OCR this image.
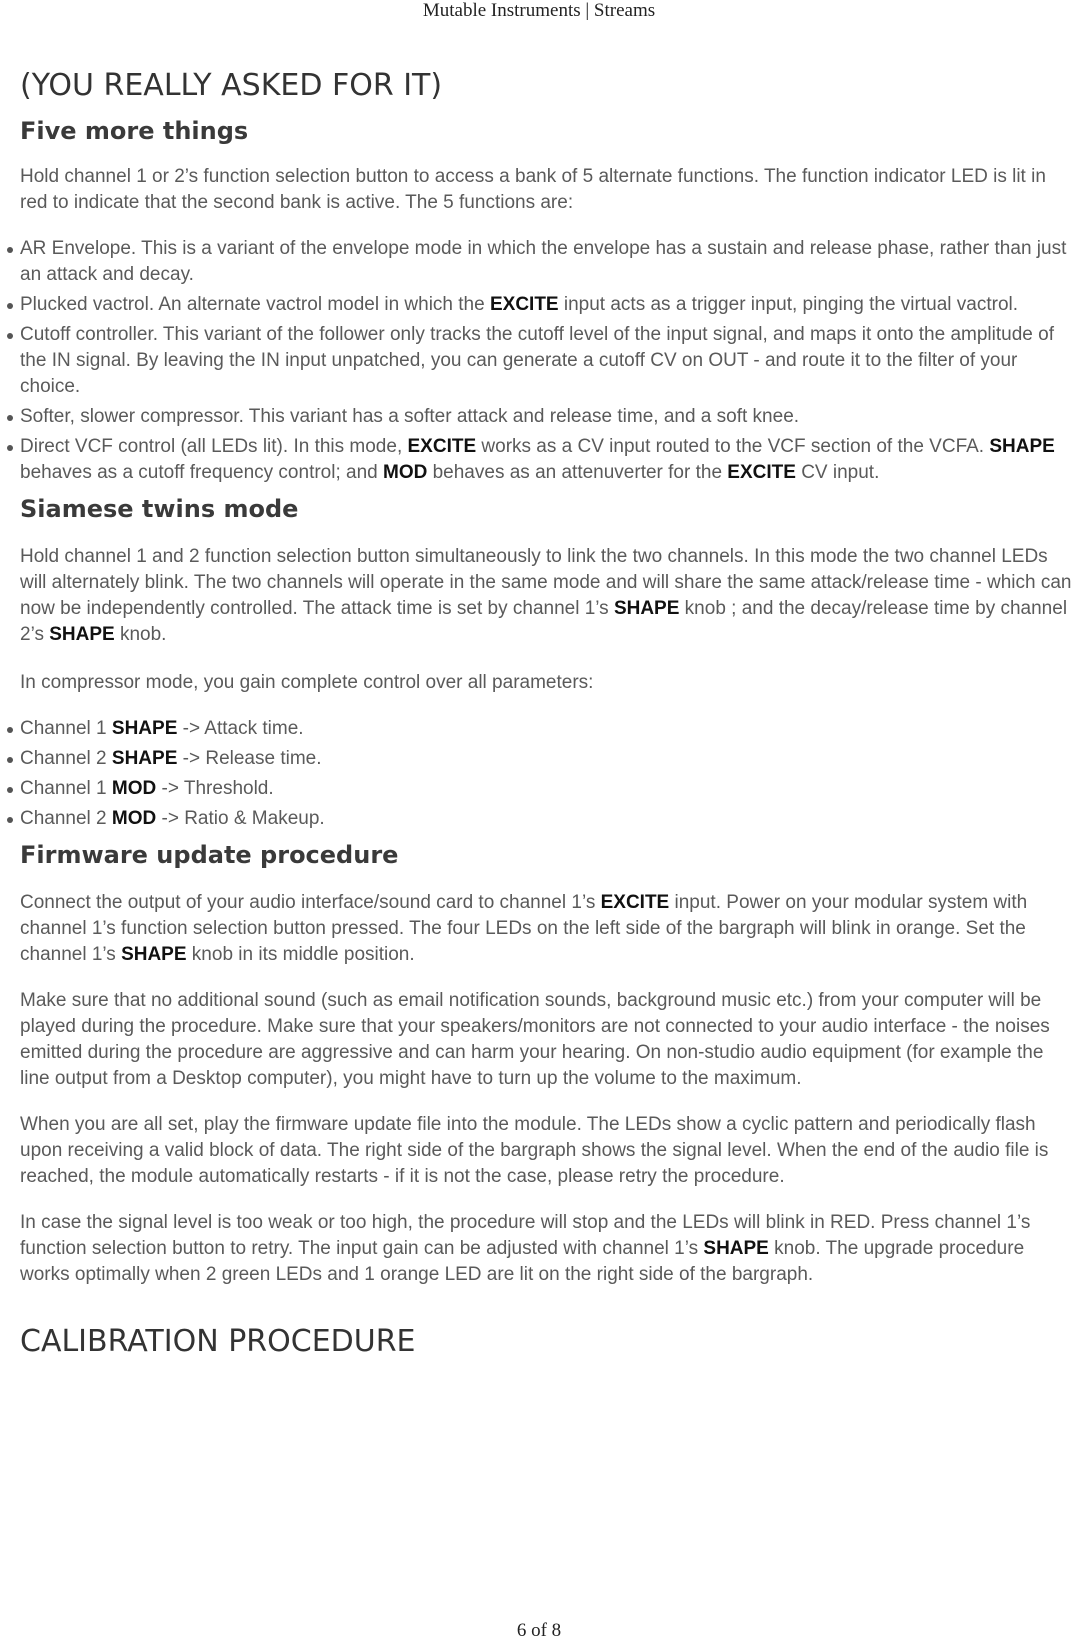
Mutable Instruments | Streams
(YOU REALLY ASKED FOR IT)
Five more things

Hold channel 1 or 2’s function selection button to access a bank of 5 alternate functions. The function indicator LED is lit in red to indicate that the second bank is active. The 5 functions are:

AR Envelope. This is a variant of the envelope mode in which the envelope has a sustain and release phase, rather than just an attack and decay.
Plucked vactrol. An alternate vactrol model in which the EXCITE input acts as a trigger input, pinging the virtual vactrol.
Cutoff controller. This variant of the follower only tracks the cutoff level of the input signal, and maps it onto the amplitude of the IN signal. By leaving the IN input unpatched, you can generate a cutoff CV on OUT - and route it to the filter of your choice.
Softer, slower compressor. This variant has a softer attack and release time, and a soft knee.
Direct VCF control (all LEDs lit). In this mode, EXCITE works as a CV input routed to the VCF section of the VCFA. SHAPE behaves as a cutoff frequency control; and MOD behaves as an attenuverter for the EXCITE CV input.
Siamese twins mode

Hold channel 1 and 2 function selection button simultaneously to link the two channels. In this mode the two channel LEDs will alternately blink. The two channels will operate in the same mode and will share the same attack/release time - which can now be independently controlled. The attack time is set by channel 1’s SHAPE knob ; and the decay/release time by channel 2’s SHAPE knob.

In compressor mode, you gain complete control over all parameters:

Channel 1 SHAPE -> Attack time.
Channel 2 SHAPE -> Release time.
Channel 1 MOD -> Threshold.
Channel 2 MOD -> Ratio & Makeup.
Firmware update procedure

Connect the output of your audio interface/sound card to channel 1’s EXCITE input. Power on your modular system with channel 1’s function selection button pressed. The four LEDs on the left side of the bargraph will blink in orange. Set the channel 1’s SHAPE knob in its middle position.

Make sure that no additional sound (such as email notification sounds, background music etc.) from your computer will be played during the procedure. Make sure that your speakers/monitors are not connected to your audio interface - the noises emitted during the procedure are aggressive and can harm your hearing. On non-studio audio equipment (for example the line output from a Desktop computer), you might have to turn up the volume to the maximum.

When you are all set, play the firmware update file into the module. The LEDs show a cyclic pattern and periodically flash upon receiving a valid block of data. The right side of the bargraph shows the signal level. When the end of the audio file is reached, the module automatically restarts - if it is not the case, please retry the procedure.

In case the signal level is too weak or too high, the procedure will stop and the LEDs will blink in RED. Press channel 1’s function selection button to retry. The input gain can be adjusted with channel 1’s SHAPE knob. The upgrade procedure works optimally when 2 green LEDs and 1 orange LED are lit on the right side of the bargraph.

CALIBRATION PROCEDURE
6 of 8
